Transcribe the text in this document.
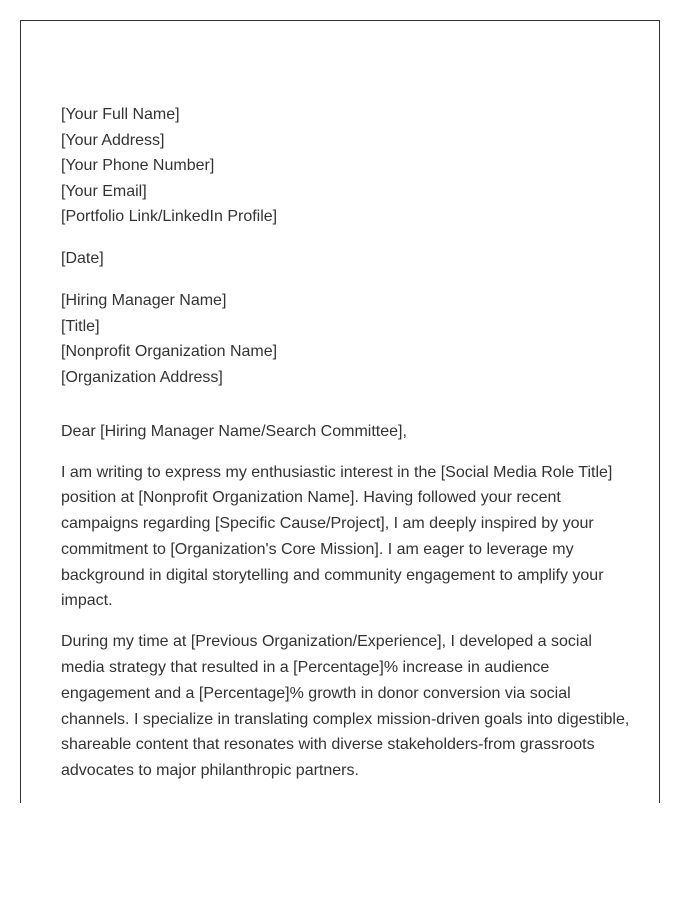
[Your Full Name]
[Your Address]
[Your Phone Number]
[Your Email]
[Portfolio Link/LinkedIn Profile]
[Date]
[Hiring Manager Name]
[Title]
[Nonprofit Organization Name]
[Organization Address]
Dear [Hiring Manager Name/Search Committee],

I am writing to express my enthusiastic interest in the [Social Media Role Title] position at [Nonprofit Organization Name]. Having followed your recent campaigns regarding [Specific Cause/Project], I am deeply inspired by your commitment to [Organization's Core Mission]. I am eager to leverage my background in digital storytelling and community engagement to amplify your impact.

During my time at [Previous Organization/Experience], I developed a social media strategy that resulted in a [Percentage]% increase in audience engagement and a [Percentage]% growth in donor conversion via social channels. I specialize in translating complex mission-driven goals into digestible, shareable content that resonates with diverse stakeholders-from grassroots advocates to major philanthropic partners.
